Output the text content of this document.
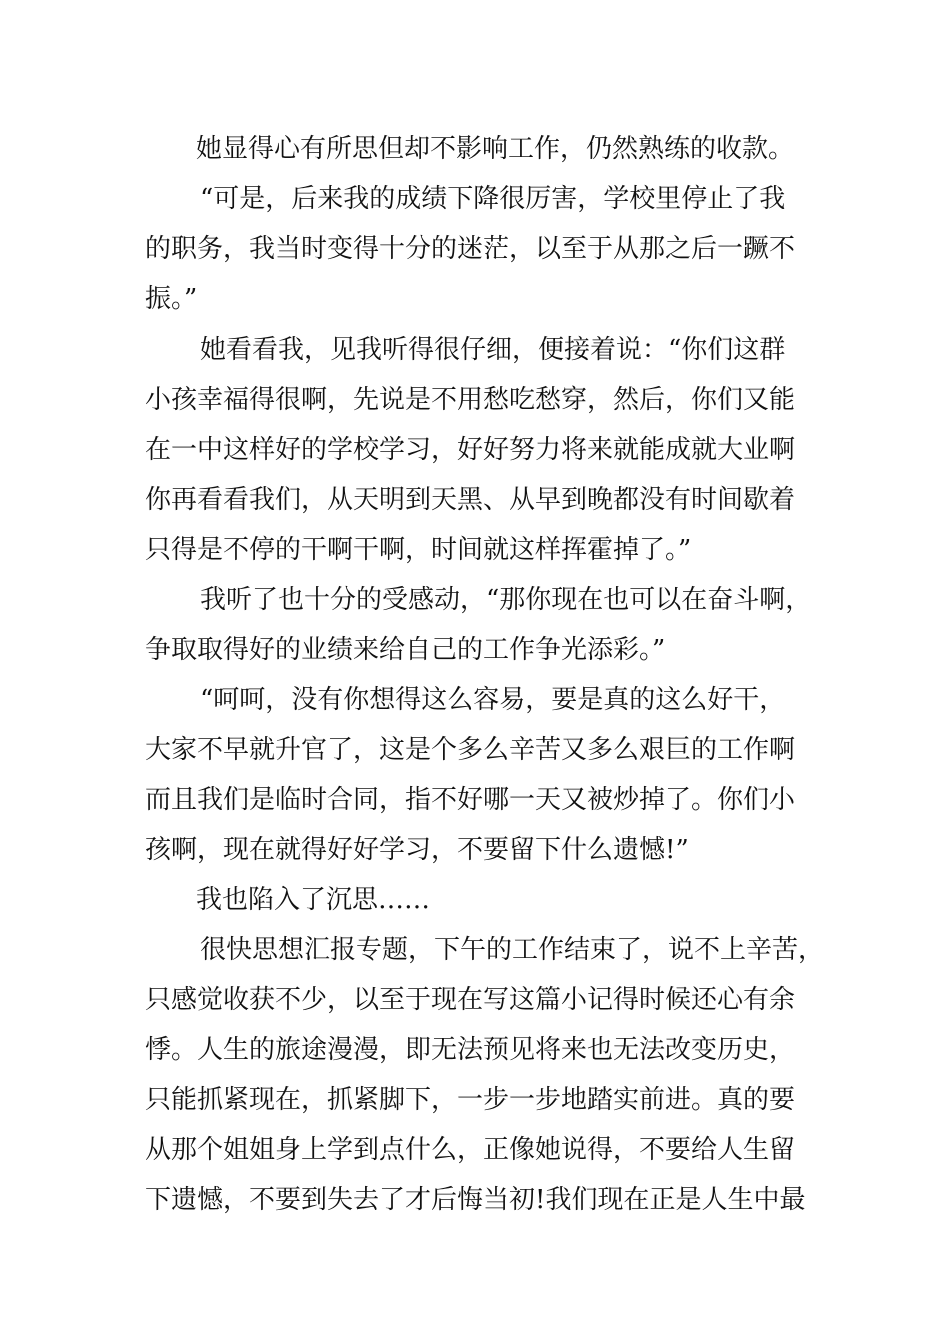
她显得心有所思但却不影响工作，仍然熟练的收款。
“可是，后来我的成绩下降很厉害，学校里停止了我
的职务，我当时变得十分的迷茫，以至于从那之后一蹶不
振。”
她看看我，见我听得很仔细，便接着说：“你们这群
小孩幸福得很啊，先说是不用愁吃愁穿，然后，你们又能
在一中这样好的学校学习，好好努力将来就能成就大业啊
你再看看我们，从天明到天黑、从早到晚都没有时间歇着
只得是不停的干啊干啊，时间就这样挥霍掉了。”
我听了也十分的受感动，“那你现在也可以在奋斗啊，
争取取得好的业绩来给自己的工作争光添彩。”
“呵呵，没有你想得这么容易，要是真的这么好干，
大家不早就升官了，这是个多么辛苦又多么艰巨的工作啊
而且我们是临时合同，指不好哪一天又被炒掉了。你们小
孩啊，现在就得好好学习，不要留下什么遗憾!”
我也陷入了沉思……
很快思想汇报专题，下午的工作结束了，说不上辛苦，
只感觉收获不少，以至于现在写这篇小记得时候还心有余
悸。人生的旅途漫漫，即无法预见将来也无法改变历史，
只能抓紧现在，抓紧脚下，一步一步地踏实前进。真的要
从那个姐姐身上学到点什么，正像她说得，不要给人生留
下遗憾，不要到失去了才后悔当初!我们现在正是人生中最
